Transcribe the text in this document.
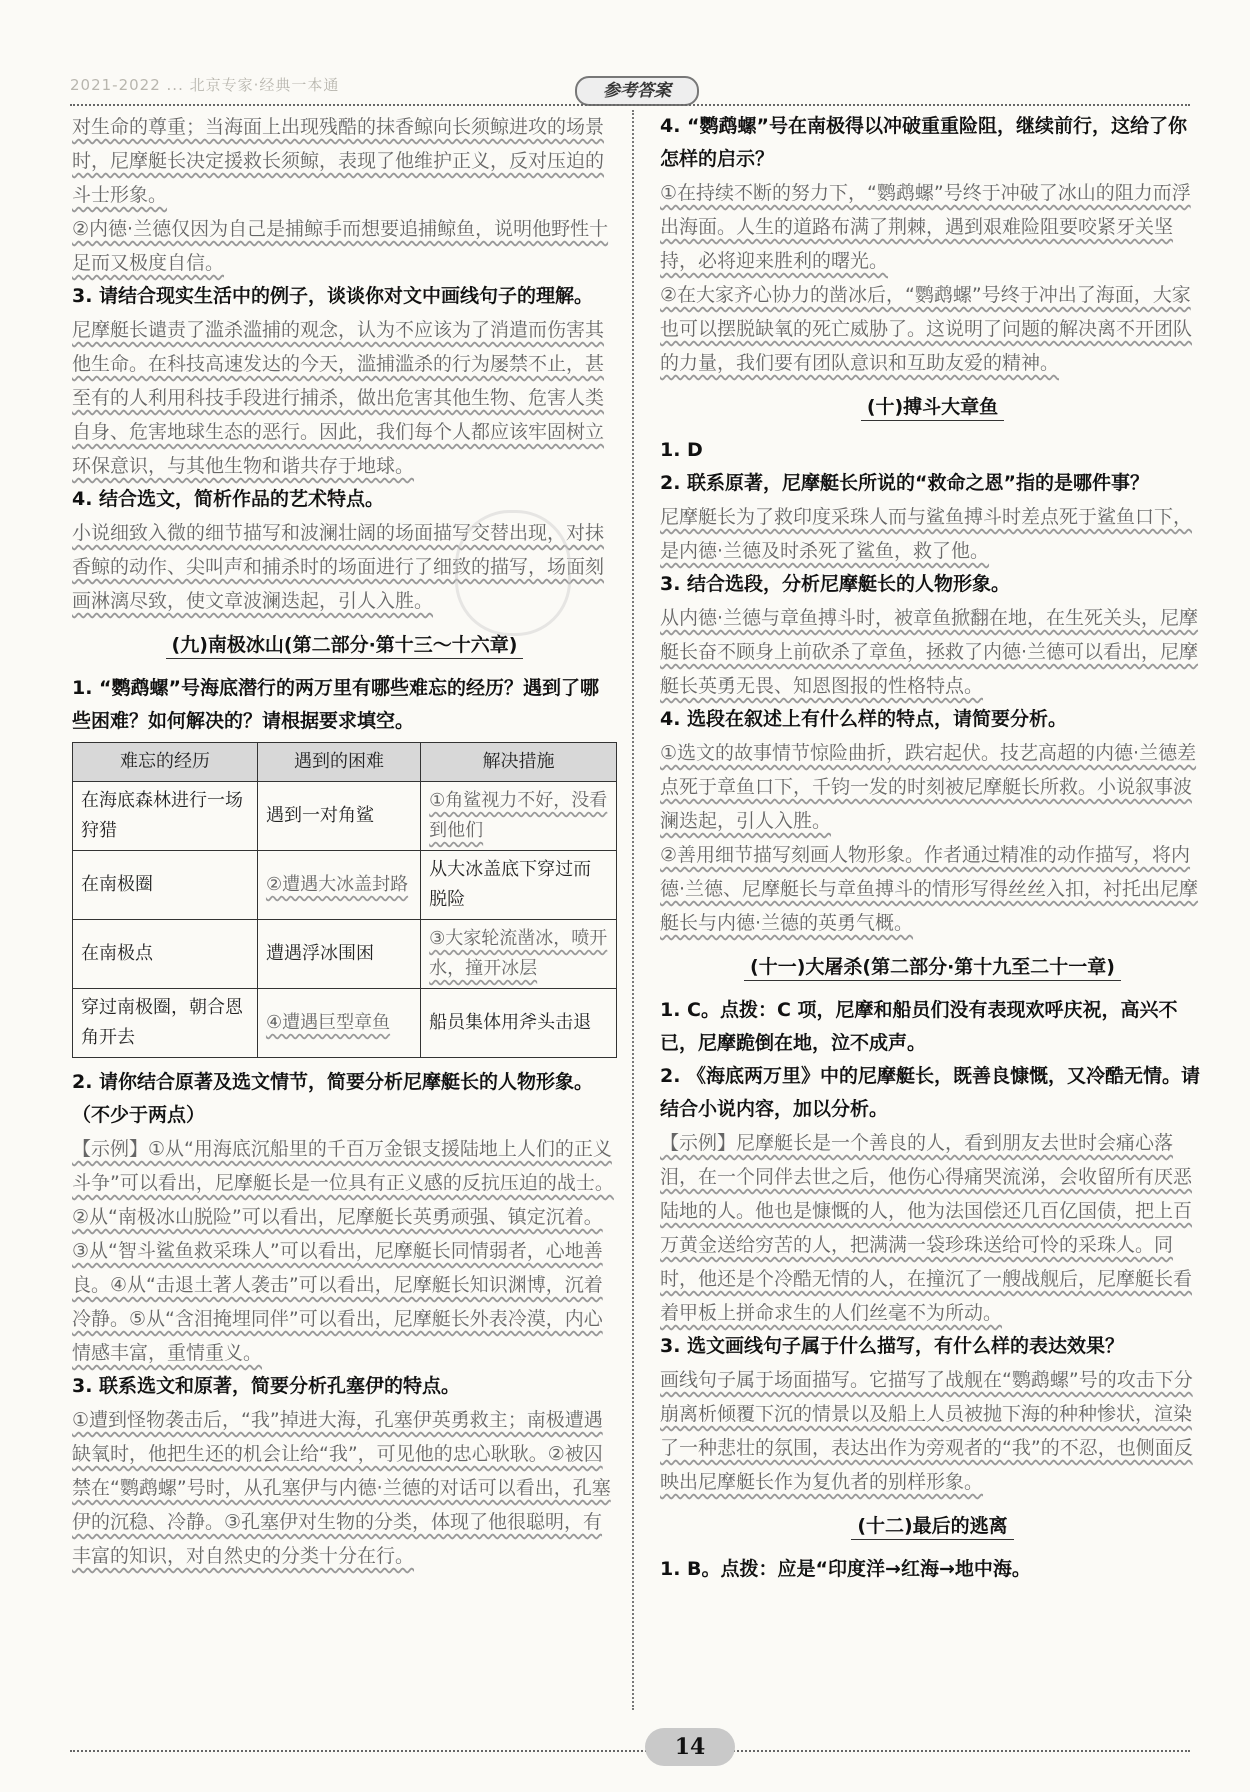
2021-2022 ... 北京专家·经典一本通	参考答案
对生命的尊重；当海面上出现残酷的抹香鲸向长须鲸进攻的场景时，尼摩艇长决定援救长须鲸，表现了他维护正义，反对压迫的斗士形象。
②内德·兰德仅因为自己是捕鲸手而想要追捕鲸鱼，说明他野性十足而又极度自信。
3. 请结合现实生活中的例子，谈谈你对文中画线句子的理解。
尼摩艇长谴责了滥杀滥捕的观念，认为不应该为了消遣而伤害其他生命。在科技高速发达的今天，滥捕滥杀的行为屡禁不止，甚至有的人利用科技手段进行捕杀，做出危害其他生物、危害人类自身、危害地球生态的恶行。因此，我们每个人都应该牢固树立环保意识，与其他生物和谐共存于地球。
4. 结合选文，简析作品的艺术特点。
小说细致入微的细节描写和波澜壮阔的场面描写交替出现，对抹香鲸的动作、尖叫声和捕杀时的场面进行了细致的描写，场面刻画淋漓尽致，使文章波澜迭起，引人入胜。
(九)南极冰山(第二部分·第十三～十六章)
1. “鹦鹉螺”号海底潜行的两万里有哪些难忘的经历？遇到了哪些困难？如何解决的？请根据要求填空。
难忘的经历	遇到的困难	解决措施
在海底森林进行一场狩猎	遇到一对角鲨	①角鲨视力不好，没看到他们
在南极圈	②遭遇大冰盖封路	从大冰盖底下穿过而脱险
在南极点	遭遇浮冰围困	③大家轮流凿冰，喷开水，撞开冰层
穿过南极圈，朝合恩角开去	④遭遇巨型章鱼	船员集体用斧头击退
2. 请你结合原著及选文情节，简要分析尼摩艇长的人物形象。（不少于两点）
【示例】①从“用海底沉船里的千百万金银支援陆地上人们的正义斗争”可以看出，尼摩艇长是一位具有正义感的反抗压迫的战士。②从“南极冰山脱险”可以看出，尼摩艇长英勇顽强、镇定沉着。③从“智斗鲨鱼救采珠人”可以看出，尼摩艇长同情弱者，心地善良。④从“击退土著人袭击”可以看出，尼摩艇长知识渊博，沉着冷静。⑤从“含泪掩埋同伴”可以看出，尼摩艇长外表冷漠，内心情感丰富，重情重义。
3. 联系选文和原著，简要分析孔塞伊的特点。
①遭到怪物袭击后，“我”掉进大海，孔塞伊英勇救主；南极遭遇缺氧时，他把生还的机会让给“我”，可见他的忠心耿耿。②被囚禁在“鹦鹉螺”号时，从孔塞伊与内德·兰德的对话可以看出，孔塞伊的沉稳、冷静。③孔塞伊对生物的分类，体现了他很聪明，有丰富的知识，对自然史的分类十分在行。
4. “鹦鹉螺”号在南极得以冲破重重险阻，继续前行，这给了你怎样的启示？
①在持续不断的努力下，“鹦鹉螺”号终于冲破了冰山的阻力而浮出海面。人生的道路布满了荆棘，遇到艰难险阻要咬紧牙关坚持，必将迎来胜利的曙光。
②在大家齐心协力的凿冰后，“鹦鹉螺”号终于冲出了海面，大家也可以摆脱缺氧的死亡威胁了。这说明了问题的解决离不开团队的力量，我们要有团队意识和互助友爱的精神。
(十)搏斗大章鱼
1. D
2. 联系原著，尼摩艇长所说的“救命之恩”指的是哪件事？
尼摩艇长为了救印度采珠人而与鲨鱼搏斗时差点死于鲨鱼口下，是内德·兰德及时杀死了鲨鱼，救了他。
3. 结合选段，分析尼摩艇长的人物形象。
从内德·兰德与章鱼搏斗时，被章鱼掀翻在地，在生死关头，尼摩艇长奋不顾身上前砍杀了章鱼，拯救了内德·兰德可以看出，尼摩艇长英勇无畏、知恩图报的性格特点。
4. 选段在叙述上有什么样的特点，请简要分析。
①选文的故事情节惊险曲折，跌宕起伏。技艺高超的内德·兰德差点死于章鱼口下，千钧一发的时刻被尼摩艇长所救。小说叙事波澜迭起，引人入胜。
②善用细节描写刻画人物形象。作者通过精准的动作描写，将内德·兰德、尼摩艇长与章鱼搏斗的情形写得丝丝入扣，衬托出尼摩艇长与内德·兰德的英勇气概。
(十一)大屠杀(第二部分·第十九至二十一章)
1. C。点拨：C 项，尼摩和船员们没有表现欢呼庆祝，高兴不已，尼摩跪倒在地，泣不成声。
2. 《海底两万里》中的尼摩艇长，既善良慷慨，又冷酷无情。请结合小说内容，加以分析。
【示例】尼摩艇长是一个善良的人，看到朋友去世时会痛心落泪，在一个同伴去世之后，他伤心得痛哭流涕，会收留所有厌恶陆地的人。他也是慷慨的人，他为法国偿还几百亿国债，把上百万黄金送给穷苦的人，把满满一袋珍珠送给可怜的采珠人。同时，他还是个冷酷无情的人，在撞沉了一艘战舰后，尼摩艇长看着甲板上拼命求生的人们丝毫不为所动。
3. 选文画线句子属于什么描写，有什么样的表达效果？
画线句子属于场面描写。它描写了战舰在“鹦鹉螺”号的攻击下分崩离析倾覆下沉的情景以及船上人员被抛下海的种种惨状，渲染了一种悲壮的氛围，表达出作为旁观者的“我”的不忍，也侧面反映出尼摩艇长作为复仇者的别样形象。
(十二)最后的逃离
1. B。点拨：应是“印度洋→红海→地中海。
14
